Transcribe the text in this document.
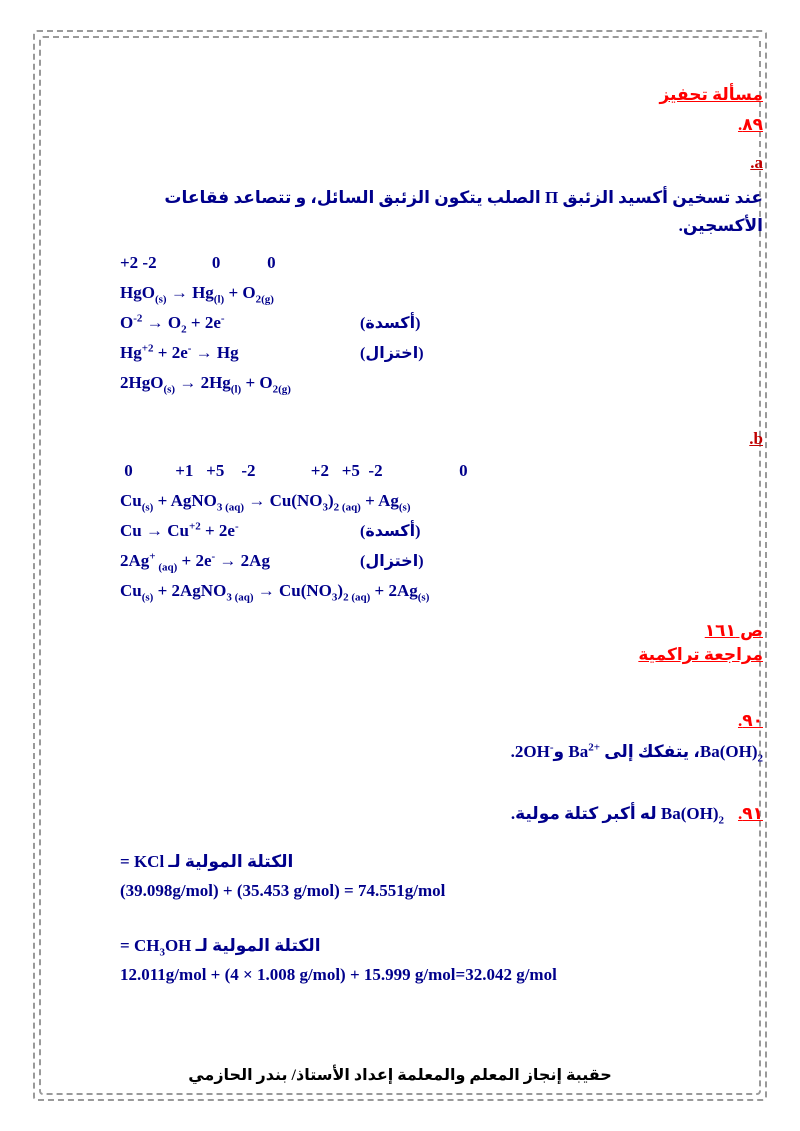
مسألة تحفيز
٨٩.
a.

عند تسخين أكسيد الزئبق Π الصلب يتكون الزئبق السائل، و تتصاعد فقاعات

الأكسجين.

+2 -2             0           0
$HgO_{(s)} \to Hg_{(l)} + O_{2(g)}$
$O^{-2} \to O_2 + 2e^-$	(أكسدة)
$Hg^{+2} + 2e^- \to Hg$	(اختزال)
$2HgO_{(s)} \to 2Hg_{(l)} + O_{2(g)}$
b.
0          +1   +5    -2             +2   +5  -2                  0
$Cu_{(s)}$ + AgNO$_{3 (aq)}$ → $Cu(NO_3)_{2 (aq)} + Ag_{(s)}$
$Cu \to Cu^{+2} + 2e^-$	(أكسدة)
2Ag+ $_{(aq)}$ + 2e- → 2Ag	(اختزال)
$Cu_{(s)}$ + 2AgNO$_{3 (aq)}$ → $Cu(NO_3)_{2 (aq)} + 2Ag_{(s)}$
ص ١٦١
مراجعة تراكمية
٩٠.
$Ba(OH)_2،$ يتفكك إلى $Ba^{2+}$ و2OH-.
٩١. $Ba(OH)_2$ له أكبر كتلة مولية.
الكتلة المولية لـ KCl =
(39.098g/mol) + (35.453 g/mol) = 74.551g/mol
الكتلة المولية لـ $CH_3OH$ =
12.011g/mol + (4 × 1.008 g/mol) + 15.999 g/mol=32.042 g/mol
حقيبة إنجاز المعلم والمعلمة إعداد الأستاذ/ بندر الحازمي
